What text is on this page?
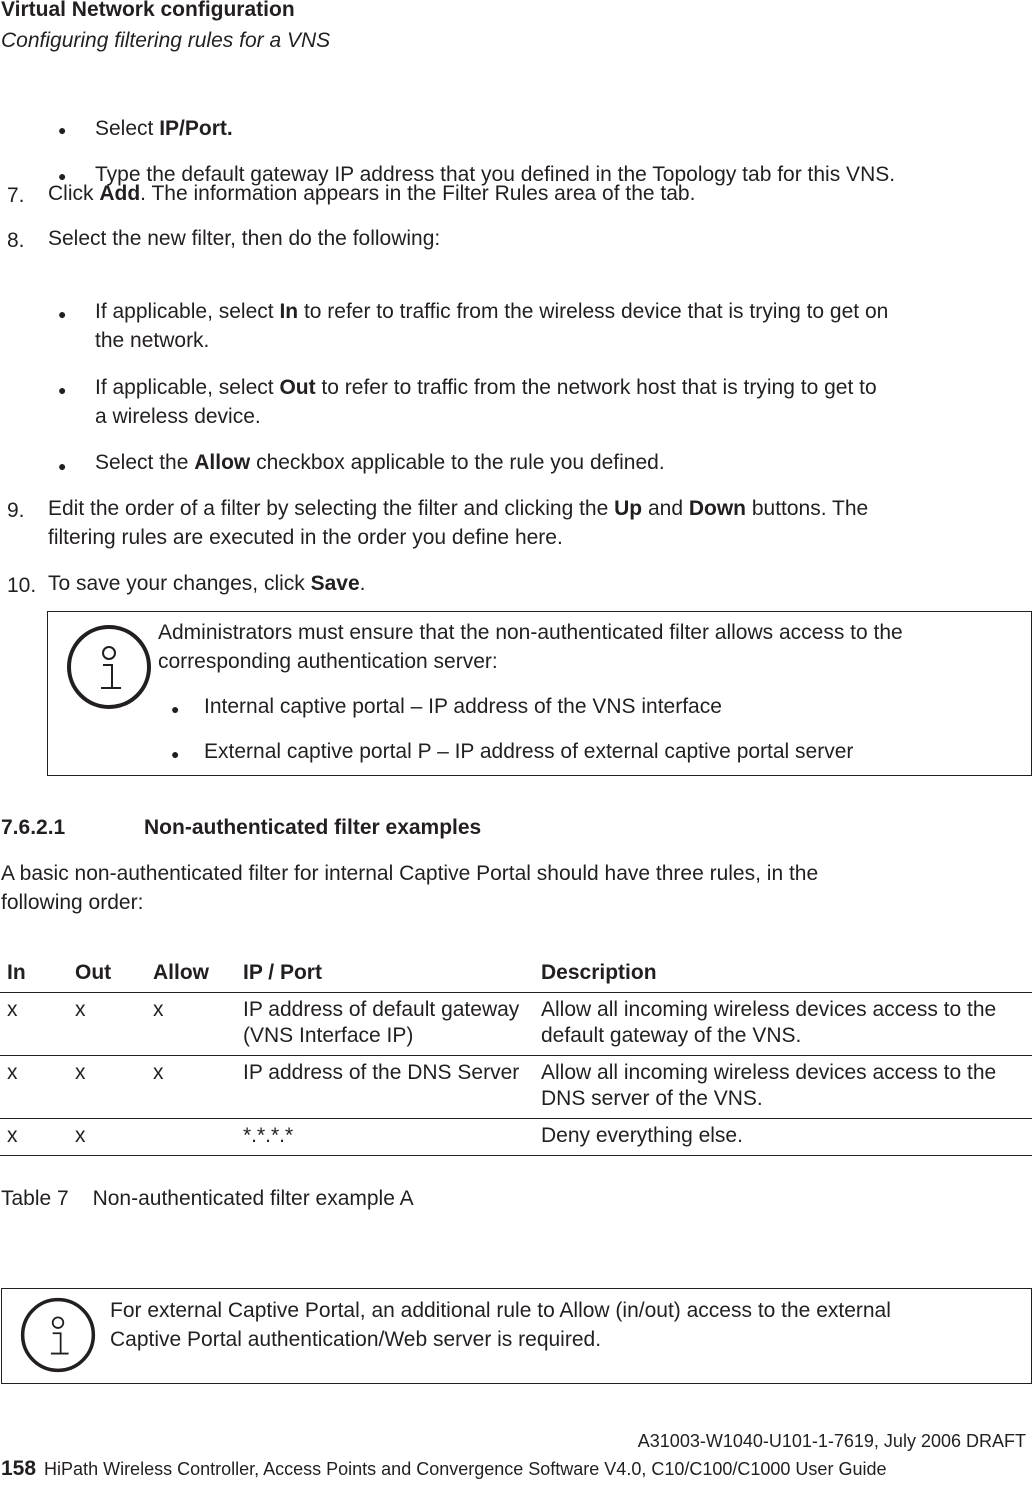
Virtual Network configuration
Configuring filtering rules for a VNS
● Select IP/Port.
● Type the default gateway IP address that you defined in the Topology tab for this VNS.
7. Click Add. The information appears in the Filter Rules area of the tab.
8. Select the new filter, then do the following:
● If applicable, select In to refer to traffic from the wireless device that is trying to get on
the network.
● If applicable, select Out to refer to traffic from the network host that is trying to get to
a wireless device.
● Select the Allow checkbox applicable to the rule you defined.
9. Edit the order of a filter by selecting the filter and clicking the Up and Down buttons. The
filtering rules are executed in the order you define here.
10. To save your changes, click Save.
Administrators must ensure that the non-authenticated filter allows access to the
corresponding authentication server:
● Internal captive portal – IP address of the VNS interface
● External captive portal P – IP address of external captive portal server
7.6.2.1	Non-authenticated filter examples
A basic non-authenticated filter for internal Captive Portal should have three rules, in the
following order:
In	Out	Allow	IP / Port	Description
x	x	x	IP address of default gateway (VNS Interface IP)	Allow all incoming wireless devices access to the default gateway of the VNS.
x	x	x	IP address of the DNS Server	Allow all incoming wireless devices access to the DNS server of the VNS.
x	x		*.*.*.*	Deny everything else.
Table 7 Non-authenticated filter example A
For external Captive Portal, an additional rule to Allow (in/out) access to the external
Captive Portal authentication/Web server is required.
A31003-W1040-U101-1-7619, July 2006 DRAFT
158 HiPath Wireless Controller, Access Points and Convergence Software V4.0, C10/C100/C1000 User Guide
